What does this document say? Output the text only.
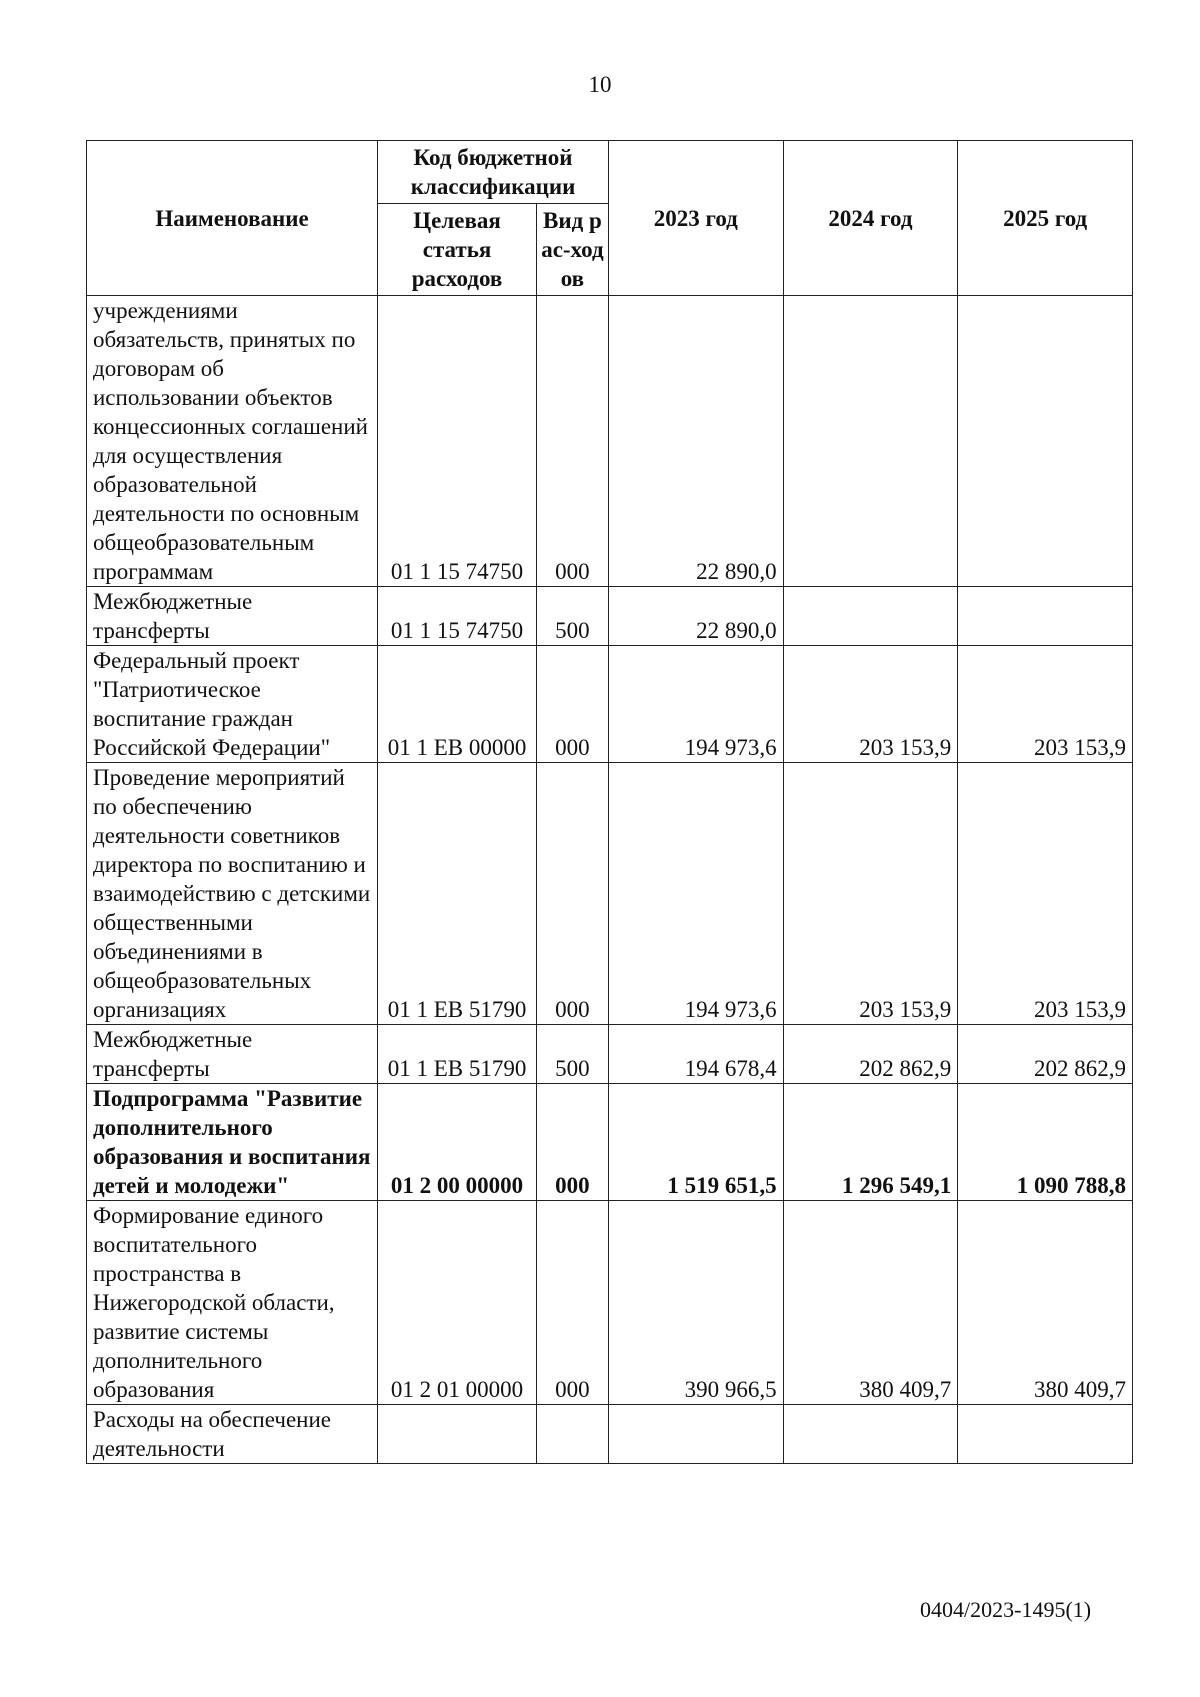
10
Наименование	Код бюджетной классификации		2023 год	2024 год	2025 год
	Целевая статья расходов	Вид рас-ходов			
учреждениями обязательств, принятых по договорам об использовании объектов концессионных соглашений для осуществления образовательной деятельности по основным общеобразовательным программам	01 1 15 74750	000	22 890,0		
Межбюджетные трансферты	01 1 15 74750	500	22 890,0		
Федеральный проект "Патриотическое воспитание граждан Российской Федерации"	01 1 ЕВ 00000	000	194 973,6	203 153,9	203 153,9
Проведение мероприятий по обеспечению деятельности советников директора по воспитанию и взаимодействию с детскими общественными объединениями в общеобразовательных организациях	01 1 ЕВ 51790	000	194 973,6	203 153,9	203 153,9
Межбюджетные трансферты	01 1 ЕВ 51790	500	194 678,4	202 862,9	202 862,9
Подпрограмма "Развитие дополнительного образования и воспитания детей и молодежи"	01 2 00 00000	000	1 519 651,5	1 296 549,1	1 090 788,8
Формирование единого воспитательного пространства в Нижегородской области, развитие системы дополнительного образования	01 2 01 00000	000	390 966,5	380 409,7	380 409,7
Расходы на обеспечение деятельности					
0404/2023-1495(1)
